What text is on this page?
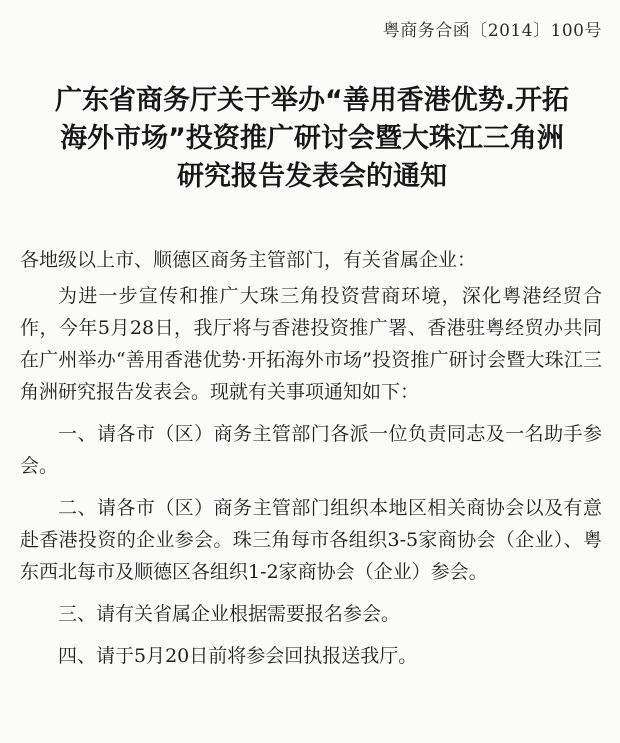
粤商务合函〔2014〕100号
广东省商务厅关于举办“善用香港优势.开拓
海外市场”投资推广研讨会暨大珠江三角洲
研究报告发表会的通知

各地级以上市、顺德区商务主管部门，有关省属企业：

为进一步宣传和推广大珠三角投资营商环境，深化粤港经贸合作，今年5月28日，我厅将与香港投资推广署、香港驻粤经贸办共同在广州举办“善用香港优势·开拓海外市场”投资推广研讨会暨大珠江三角洲研究报告发表会。现就有关事项通知如下：

一、请各市（区）商务主管部门各派一位负责同志及一名助手参会。

二、请各市（区）商务主管部门组织本地区相关商协会以及有意赴香港投资的企业参会。珠三角每市各组织3-5家商协会（企业）、粤东西北每市及顺德区各组织1-2家商协会（企业）参会。

三、请有关省属企业根据需要报名参会。

四、请于5月20日前将参会回执报送我厅。
